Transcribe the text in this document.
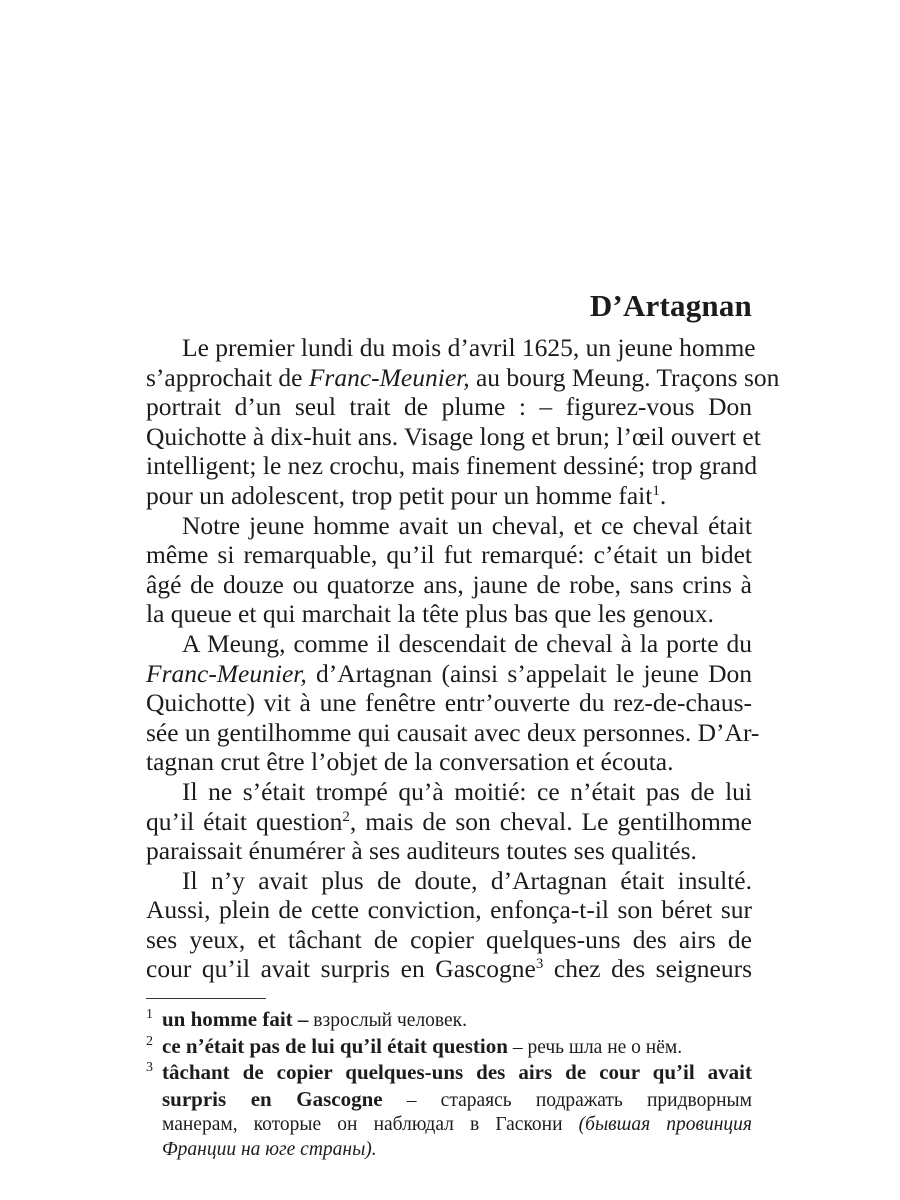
D’Artagnan
Le premier lundi du mois d’avril 1625, un jeune homme
s’approchait de Franc-Meunier, au bourg Meung. Traçons son
portrait d’un seul trait de plume : – figurez-vous Don
Quichotte à dix-huit ans. Visage long et brun; l’œil ouvert et
intelligent; le nez crochu, mais finement dessiné; trop grand
pour un adolescent, trop petit pour un homme fait$^1$.
Notre jeune homme avait un cheval, et ce cheval était
même si remarquable, qu’il fut remarqué: c’était un bidet
âgé de douze ou quatorze ans, jaune de robe, sans crins à
la queue et qui marchait la tête plus bas que les genoux.
A Meung, comme il descendait de cheval à la porte du
Franc-Meunier, d’Artagnan (ainsi s’appelait le jeune Don
Quichotte) vit à une fenêtre entr’ouverte du rez-de-chaus-
sée un gentilhomme qui causait avec deux personnes. D’Ar-
tagnan crut être l’objet de la conversation et écouta.
Il ne s’était trompé qu’à moitié: ce n’était pas de lui
qu’il était question$^2$, mais de son cheval. Le gentilhomme
paraissait énumérer à ses auditeurs toutes ses qualités.
Il n’y avait plus de doute, d’Artagnan était insulté.
Aussi, plein de cette conviction, enfonça-t-il son béret sur
ses yeux, et tâchant de copier quelques-uns des airs de
cour qu’il avait surpris en Gascogne$^3$ chez des seigneurs
1 un homme fait – взрослый человек.
2 ce n’était pas de lui qu’il était question – речь шла не о нём.
3 tâchant de copier quelques-uns des airs de cour qu’il avait
surpris en Gascogne – стараясь подражать придворным
манерам, которые он наблюдал в Гаскони (бывшая провинция
Франции на юге страны).
